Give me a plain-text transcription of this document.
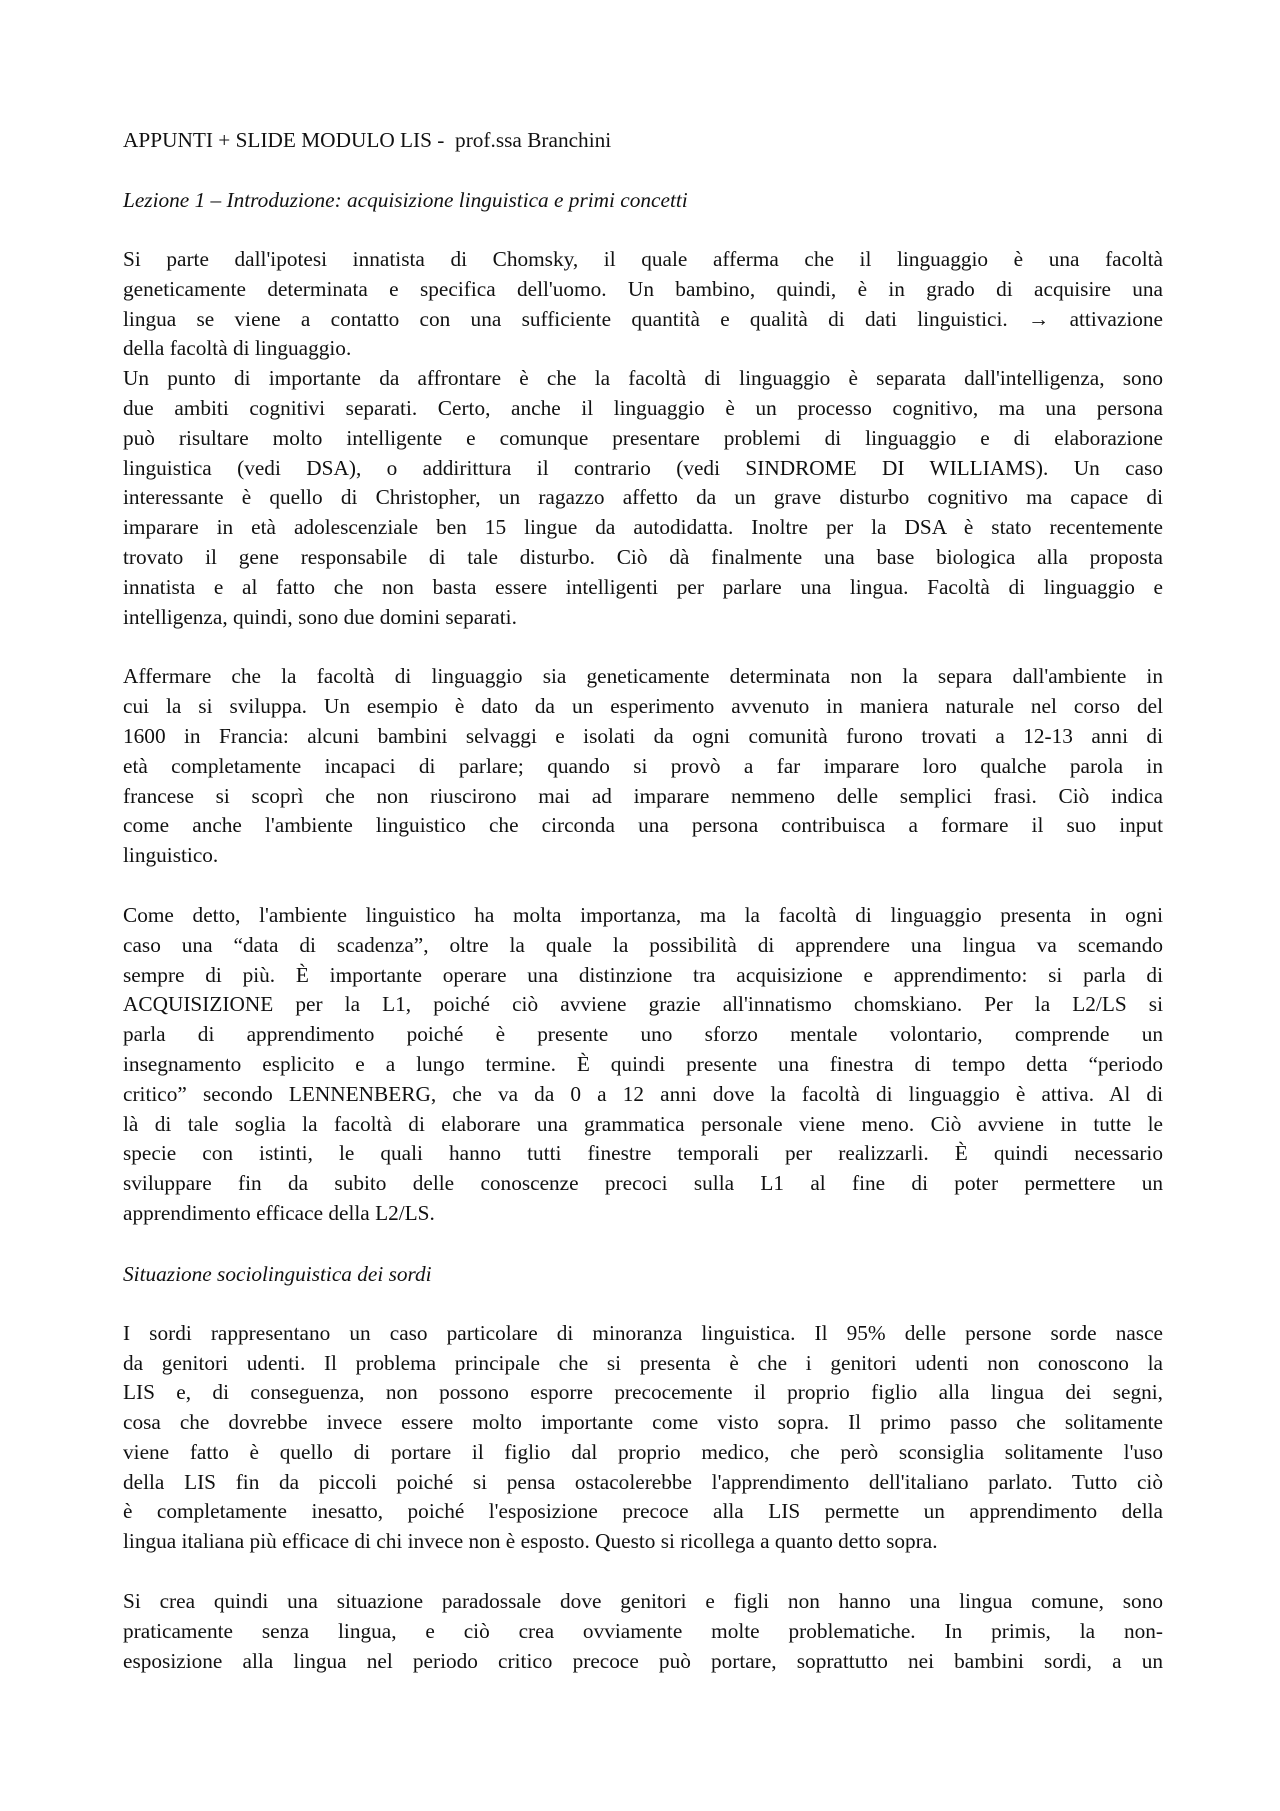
APPUNTI + SLIDE MODULO LIS -  prof.ssa Branchini

Lezione 1 – Introduzione: acquisizione linguistica e primi concetti

Si parte dall'ipotesi innatista di Chomsky, il quale afferma che il linguaggio è una facoltà
geneticamente determinata e specifica dell'uomo. Un bambino, quindi, è in grado di acquisire una
lingua se viene a contatto con una sufficiente quantità e qualità di dati linguistici. → attivazione
della facoltà di linguaggio.
Un punto di importante da affrontare è che la facoltà di linguaggio è separata dall'intelligenza, sono
due ambiti cognitivi separati. Certo, anche il linguaggio è un processo cognitivo, ma una persona
può risultare molto intelligente e comunque presentare problemi di linguaggio e di elaborazione
linguistica (vedi DSA), o addirittura il contrario (vedi SINDROME DI WILLIAMS). Un caso
interessante è quello di Christopher, un ragazzo affetto da un grave disturbo cognitivo ma capace di
imparare in età adolescenziale ben 15 lingue da autodidatta. Inoltre per la DSA è stato recentemente
trovato il gene responsabile di tale disturbo. Ciò dà finalmente una base biologica alla proposta
innatista e al fatto che non basta essere intelligenti per parlare una lingua. Facoltà di linguaggio e
intelligenza, quindi, sono due domini separati.
Affermare che la facoltà di linguaggio sia geneticamente determinata non la separa dall'ambiente in
cui la si sviluppa. Un esempio è dato da un esperimento avvenuto in maniera naturale nel corso del
1600 in Francia: alcuni bambini selvaggi e isolati da ogni comunità furono trovati a 12-13 anni di
età completamente incapaci di parlare; quando si provò a far imparare loro qualche parola in
francese si scoprì che non riuscirono mai ad imparare nemmeno delle semplici frasi. Ciò indica
come anche l'ambiente linguistico che circonda una persona contribuisca a formare il suo input
linguistico.
Come detto, l'ambiente linguistico ha molta importanza, ma la facoltà di linguaggio presenta in ogni
caso una “data di scadenza”, oltre la quale la possibilità di apprendere una lingua va scemando
sempre di più. È importante operare una distinzione tra acquisizione e apprendimento: si parla di
ACQUISIZIONE per la L1, poiché ciò avviene grazie all'innatismo chomskiano. Per la L2/LS si
parla di apprendimento poiché è presente uno sforzo mentale volontario, comprende un
insegnamento esplicito e a lungo termine. È quindi presente una finestra di tempo detta “periodo
critico” secondo LENNENBERG, che va da 0 a 12 anni dove la facoltà di linguaggio è attiva. Al di
là di tale soglia la facoltà di elaborare una grammatica personale viene meno. Ciò avviene in tutte le
specie con istinti, le quali hanno tutti finestre temporali per realizzarli. È quindi necessario
sviluppare fin da subito delle conoscenze precoci sulla L1 al fine di poter permettere un
apprendimento efficace della L2/LS.

Situazione sociolinguistica dei sordi

I sordi rappresentano un caso particolare di minoranza linguistica. Il 95% delle persone sorde nasce
da genitori udenti. Il problema principale che si presenta è che i genitori udenti non conoscono la
LIS e, di conseguenza, non possono esporre precocemente il proprio figlio alla lingua dei segni,
cosa che dovrebbe invece essere molto importante come visto sopra. Il primo passo che solitamente
viene fatto è quello di portare il figlio dal proprio medico, che però sconsiglia solitamente l'uso
della LIS fin da piccoli poiché si pensa ostacolerebbe l'apprendimento dell'italiano parlato. Tutto ciò
è completamente inesatto, poiché l'esposizione precoce alla LIS permette un apprendimento della
lingua italiana più efficace di chi invece non è esposto. Questo si ricollega a quanto detto sopra.
Si crea quindi una situazione paradossale dove genitori e figli non hanno una lingua comune, sono
praticamente senza lingua, e ciò crea ovviamente molte problematiche. In primis, la non-
esposizione alla lingua nel periodo critico precoce può portare, soprattutto nei bambini sordi, a un
